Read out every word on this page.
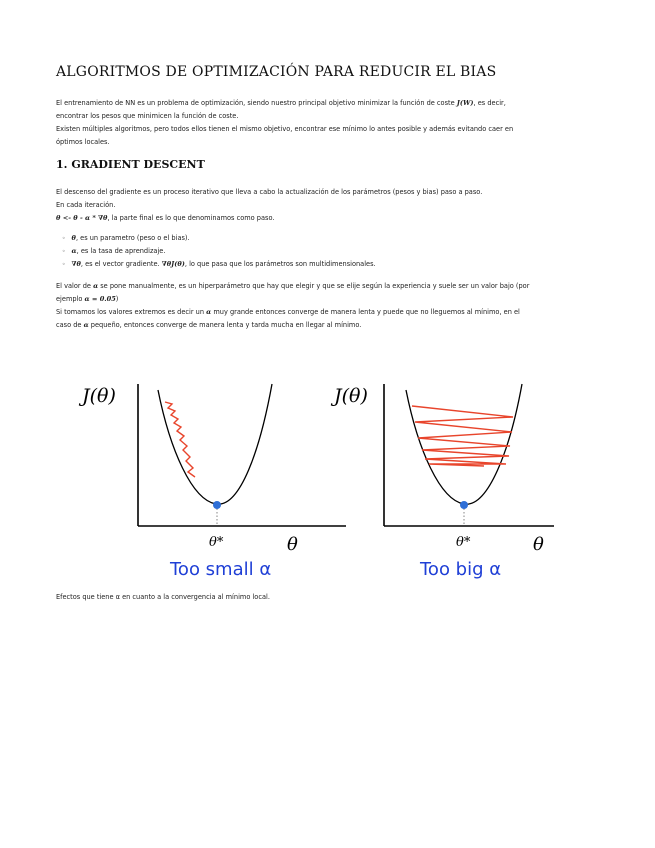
ALGORITMOS DE OPTIMIZACIÓN PARA REDUCIR EL BIAS

El entrenamiento de NN es un problema de optimización, siendo nuestro principal objetivo minimizar la función de coste J(W), es decir,
encontrar los pesos que minimicen la función de coste.
Existen múltiples algoritmos, pero todos ellos tienen el mismo objetivo, encontrar ese mínimo lo antes posible y además evitando caer en
óptimos locales.

1. GRADIENT DESCENT

El descenso del gradiente es un proceso iterativo que lleva a cabo la actualización de los parámetros (pesos y bias) paso a paso.
En cada iteración.
θ <- θ - α * ∇θ, la parte final es lo que denominamos como paso.

◦ θ, es un parametro (peso o el bias).
◦ α, es la tasa de aprendizaje.
◦ ∇θ, es el vector gradiente. ∇θJ(θ), lo que pasa que los parámetros son multidimensionales.

El valor de α se pone manualmente, es un hiperparámetro que hay que elegir y que se elije según la experiencia y suele ser un valor bajo (por
ejemplo α = 0.05)
Si tomamos los valores extremos es decir un α muy grande entonces converge de manera lenta y puede que no lleguemos al mínimo, en el
caso de α pequeño, entonces converge de manera lenta y tarda mucha en llegar al mínimo.

J(θ)
θ*	θ
Too small α
J(θ)
θ*	θ
Too big α

Efectos que tiene α en cuanto a la convergencia al mínimo local.
